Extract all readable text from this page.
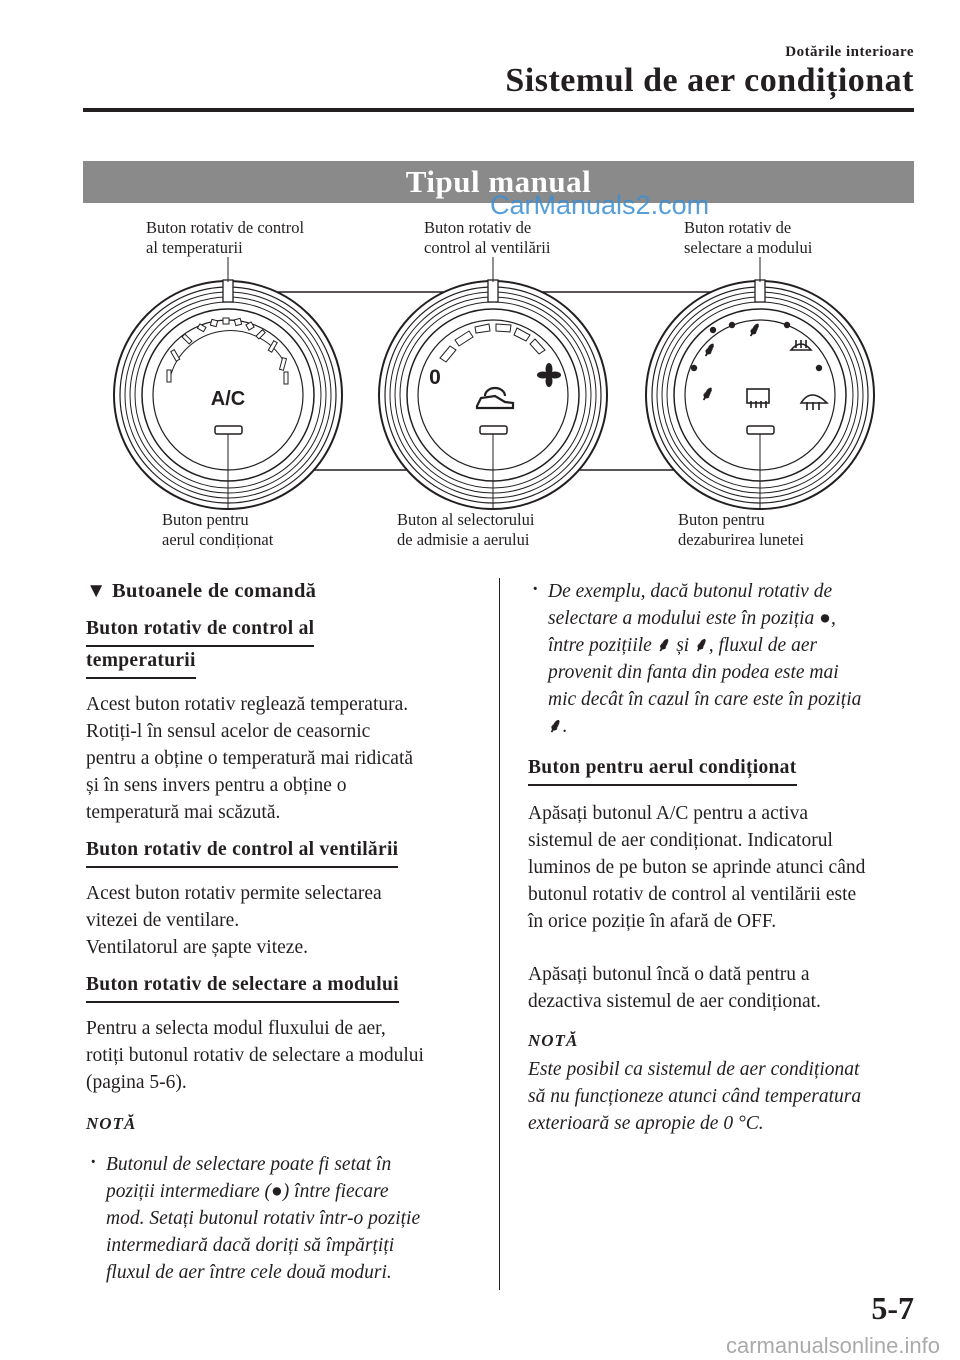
Dotările interioare
Sistemul de aer condiționat
Tipul manual
CarManuals2.com
Buton rotativ de control
al temperaturii
Buton rotativ de
control al ventilării
Buton rotativ de
selectare a modului
A/C
0
⸙
⸙
⸙
Buton pentru
aerul condiționat
Buton al selectorului
de admisie a aerului
Buton pentru
dezaburirea lunetei

▼ Butoanele de comandă

Buton rotativ de control al
temperaturii

Acest buton rotativ reglează temperatura.

Rotiți-l în sensul acelor de ceasornic

pentru a obține o temperatură mai ridicată

și în sens invers pentru a obține o

temperatură mai scăzută.

Buton rotativ de control al ventilării

Acest buton rotativ permite selectarea

vitezei de ventilare.

Ventilatorul are șapte viteze.

Buton rotativ de selectare a modului

Pentru a selecta modul fluxului de aer,

rotiți butonul rotativ de selectare a modului

(pagina 5-6).

NOTĂ

· Butonul de selectare poate fi setat în

poziții intermediare (●) între fiecare

mod. Setați butonul rotativ într-o poziție

intermediară dacă doriți să împărțiți

fluxul de aer între cele două moduri.

· De exemplu, dacă butonul rotativ de

selectare a modului este în poziția ●,

între pozițiile ⸙ și ⸙, fluxul de aer

provenit din fanta din podea este mai

mic decât în cazul în care este în poziția

⸙.

Buton pentru aerul condiționat

Apăsați butonul A/C pentru a activa

sistemul de aer condiționat. Indicatorul

luminos de pe buton se aprinde atunci când

butonul rotativ de control al ventilării este

în orice poziție în afară de OFF.

Apăsați butonul încă o dată pentru a

dezactiva sistemul de aer condiționat.

NOTĂ

Este posibil ca sistemul de aer condiționat

să nu funcționeze atunci când temperatura

exterioară se apropie de 0 °C.

5-7
carmanualsonline.info
